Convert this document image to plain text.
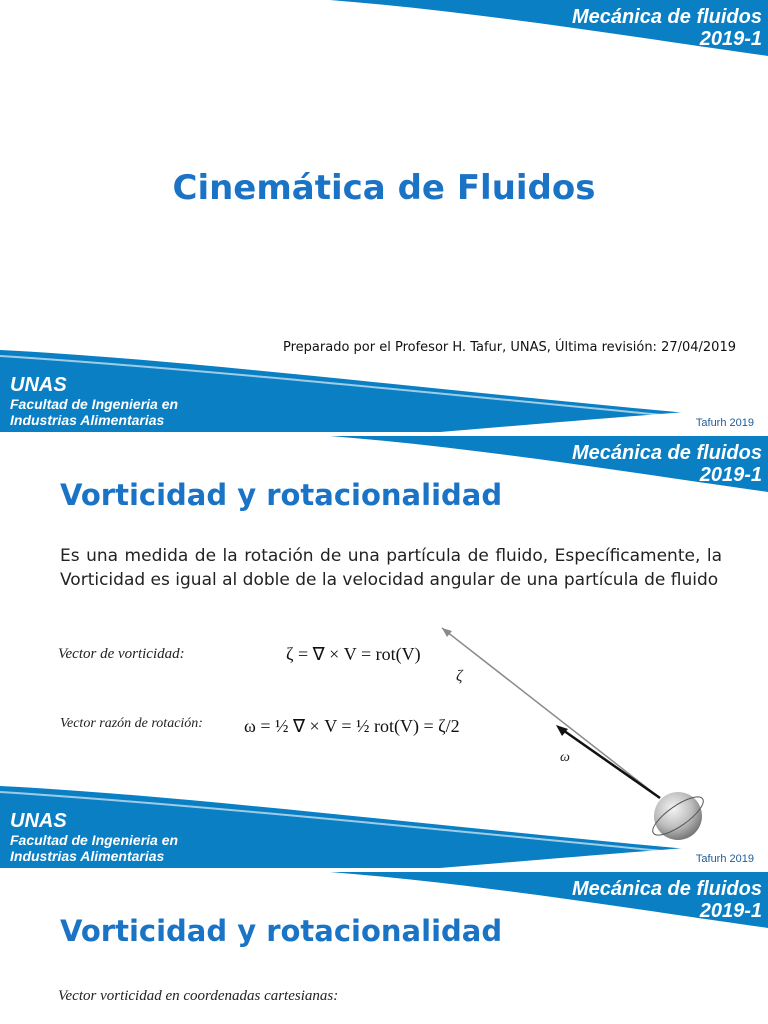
Mecánica de fluidos
2019-1
Cinemática de Fluidos
Preparado por el Profesor H. Tafur, UNAS, Última revisión: 27/04/2019
UNAS
Facultad de Ingenieria en
Industrias Alimentarias	Tafurh 2019
Mecánica de fluidos
2019-1
Vorticidad y rotacionalidad
Es una medida de la rotación de una partícula de fluido, Específicamente, la Vorticidad es igual al doble de la velocidad angular de una partícula de fluido
Vector de vorticidad:	ζ = ∇ × V = rot(V)
Vector razón de rotación: ω = ½ ∇ × V = ½ rot(V) = ζ/2
ζ
ω
UNAS
Facultad de Ingenieria en
Industrias Alimentarias	Tafurh 2019
Mecánica de fluidos
2019-1
Vorticidad y rotacionalidad
Vector vorticidad en coordenadas cartesianas:
